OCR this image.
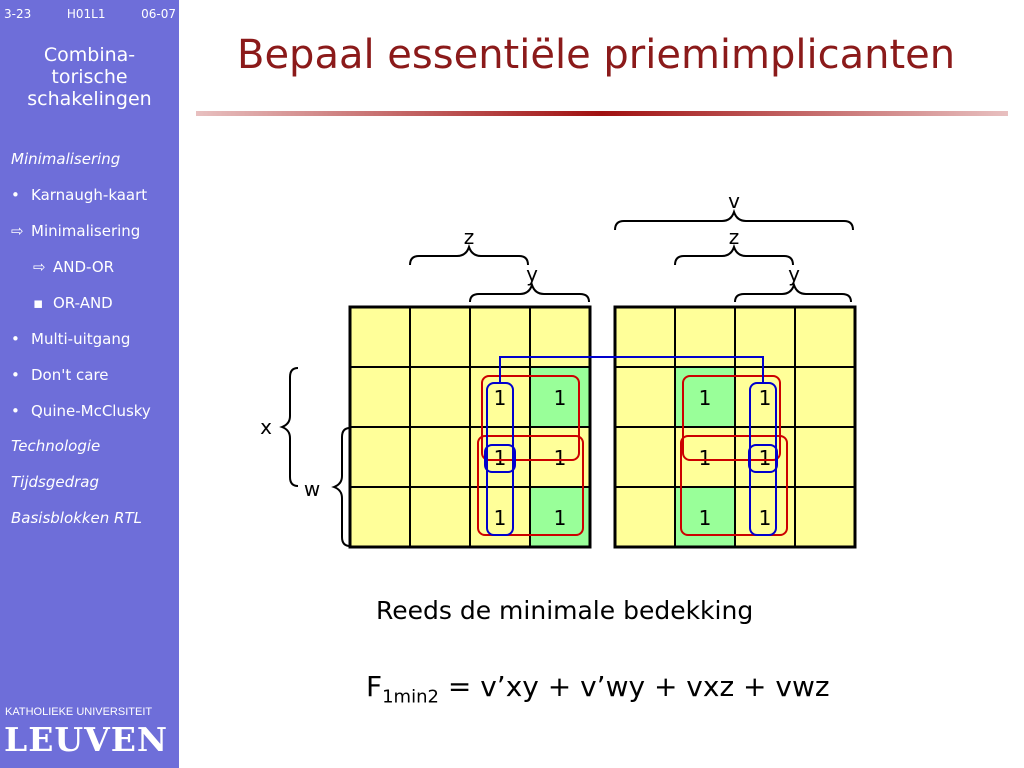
3-23	H01L1	06-07
Combina-
torische
schakelingen
Minimalisering
• Karnaugh-kaart
⇨ Minimalisering
⇨ AND-OR
▪ OR-AND
• Multi-uitgang
• Don't care
• Quine-McClusky
Technologie
Tijdsgedrag
Basisblokken RTL
KATHOLIEKE UNIVERSITEIT
LEUVEN
Bepaal essentiële priemimplicanten
1 1
1 1
1 1
1 1
1 1
1 1
v
z
y
z
y
x
w
Reeds de minimale bedekking
$F_{1min2}$ = v’xy + v’wy + vxz + vwz
